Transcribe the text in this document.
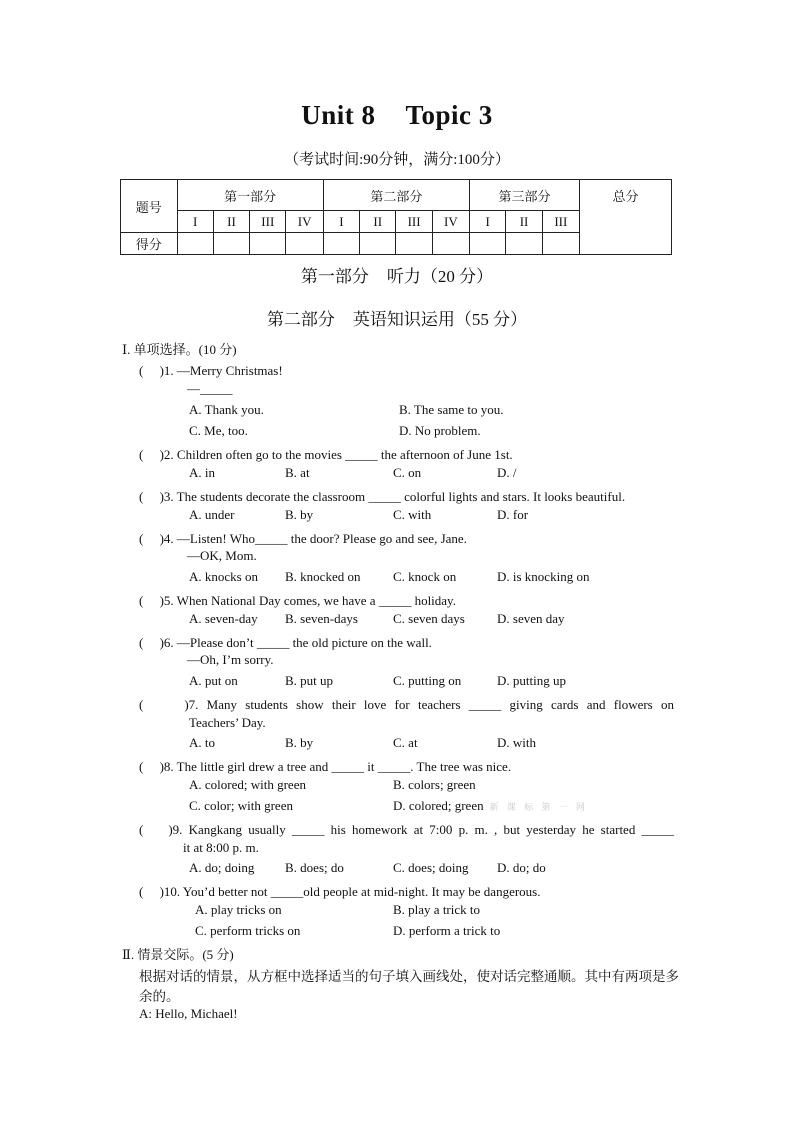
Unit 8 Topic 3
（考试时间:90分钟，满分:100分）
题号	第一部分				第二部分				第三部分			总分
	I	II	III	IV	I	II	III	IV	I	II	III	
得分												
第一部分 听力（20 分）
第二部分 英语知识运用（55 分）
Ⅰ. 单项选择。(10 分)
(　 )1. —Merry Christmas!
—_____
A. Thank you.	B. The same to you.
C. Me, too.	D. No problem.
(　 )2. Children often go to the movies _____ the afternoon of June 1st.
A. in	B. at	C. on	D. /
(　 )3. The students decorate the classroom _____ colorful lights and stars. It looks beautiful.
A. under	B. by	C. with	D. for
(　 )4. —Listen! Who_____ the door? Please go and see, Jane.
—OK, Mom.
A. knocks on B. knocked on	C. knock on	D. is knocking on
(　 )5. When National Day comes, we have a _____ holiday.
A. seven-day B. seven-days	C. seven days D. seven day
(　 )6. —Please don’t _____ the old picture on the wall.
—Oh, I’m sorry.
A. put on	B. put up	C. putting on	D. putting up
(　　)7. Many students show their love for teachers _____ giving cards and flowers on
Teachers’ Day.
A. to	B. by	C. at	D. with
(　 )8. The little girl drew a tree and _____ it _____. The tree was nice.
A. colored; with green	B. colors; green
C. color; with green	D. colored; green 新 课 标 第 一 网
(　 )9. Kangkang usually _____ his homework at 7:00 p. m. , but yesterday he started _____
it at 8:00 p. m.
A. do; doing B. does; do	C. does; doing D. do; do
(　 )10. You’d better not _____old people at mid-night. It may be dangerous.
A. play tricks on	B. play a trick to
C. perform tricks on	D. perform a trick to
Ⅱ. 情景交际。(5 分)
根据对话的情景，从方框中选择适当的句子填入画线处，使对话完整通顺。其中有两项是多
余的。
A: Hello, Michael!
